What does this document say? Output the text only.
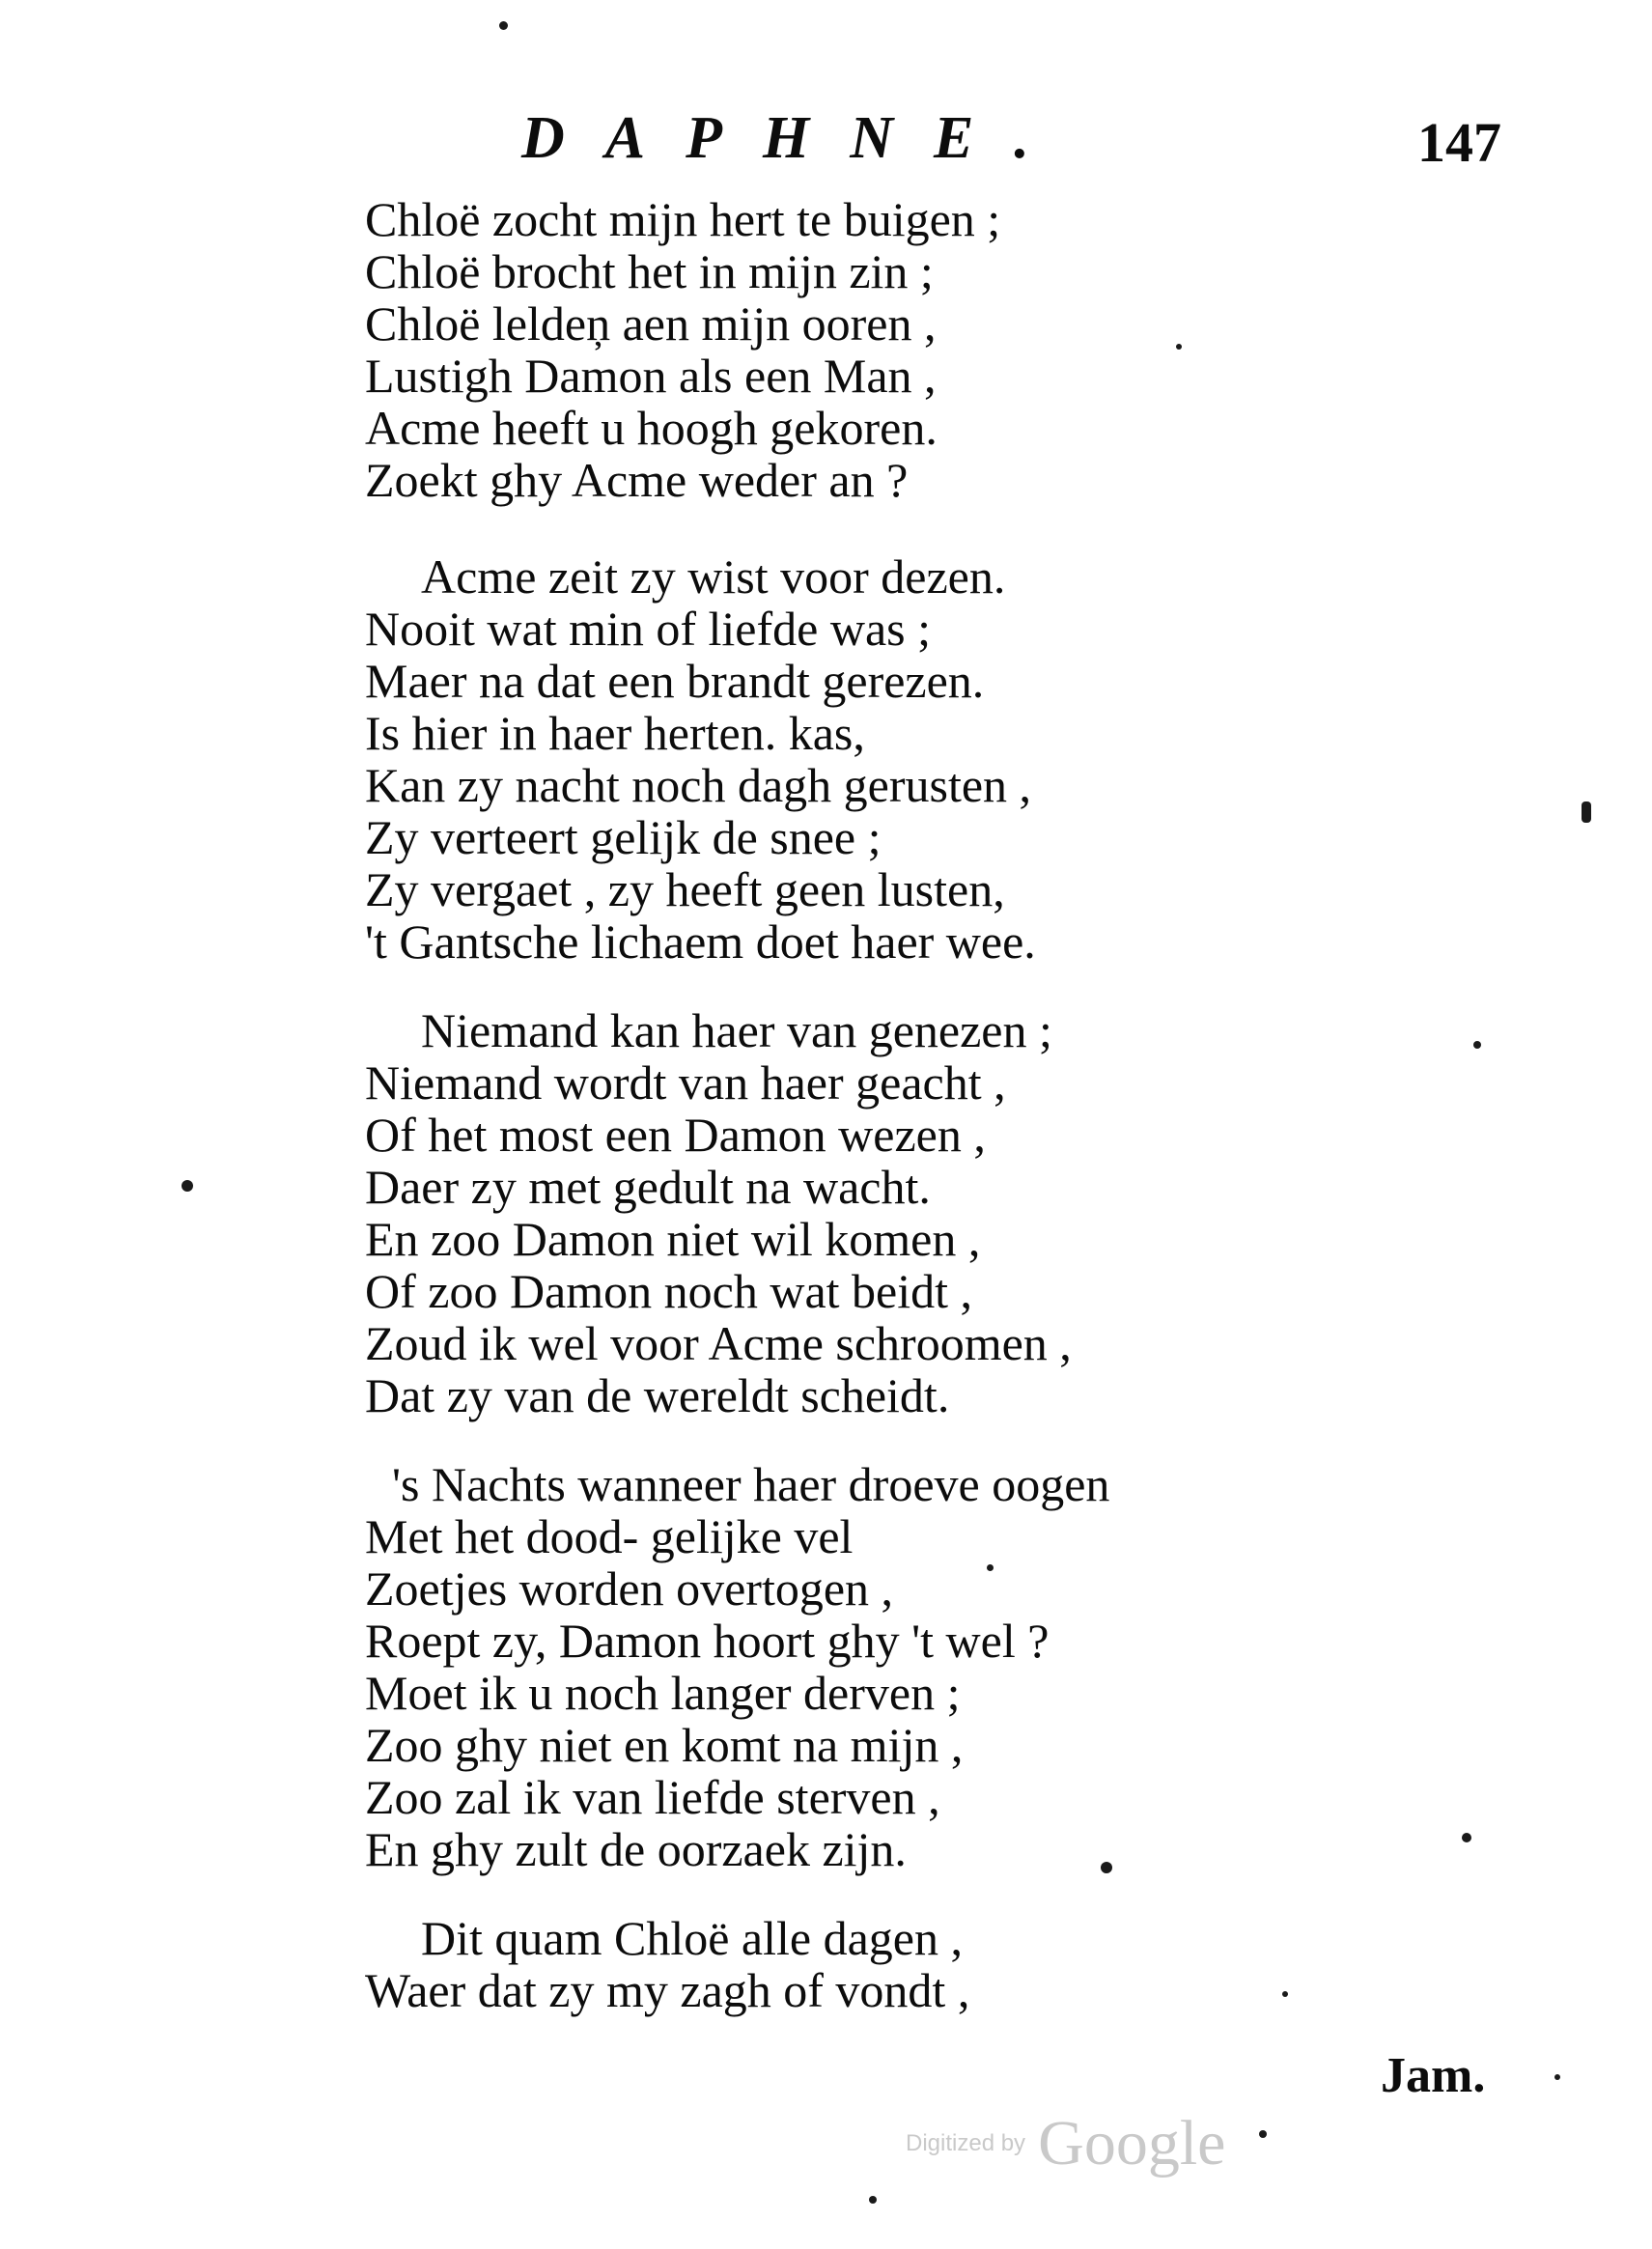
DAPHNE.	147
Chloë zocht mijn hert te buigen ;
Chloë brocht het in mijn zin ;
Chloë leldeņ aen mijn ooren ,
Lustigh Damon als een Man ,
Acme heeft u hoogh gekoren.
Zoekt ghy Acme weder an ?
Acme zeit zy wist voor dezen.
Nooit wat min of liefde was ;
Maer na dat een brandt gerezen.
Is hier in haer herten. kas,
Kan zy nacht noch dagh gerusten ,
Zy verteert gelijk de snee ;
Zy vergaet , zy heeft geen lusten,
't Gantsche lichaem doet haer wee.
Niemand kan haer van genezen ;
Niemand wordt van haer geacht ,
Of het most een Damon wezen ,
Daer zy met gedult na wacht.
En zoo Damon niet wil komen ,
Of zoo Damon noch wat beidt ,
Zoud ik wel voor Acme schroomen ,
Dat zy van de wereldt scheidt.
's Nachts wanneer haer droeve oogen
Met het dood- gelijke vel
Zoetjes worden overtogen ,
Roept zy, Damon hoort ghy 't wel ?
Moet ik u noch langer derven ;
Zoo ghy niet en komt na mijn ,
Zoo zal ik van liefde sterven ,
En ghy zult de oorzaek zijn.
Dit quam Chloë alle dagen ,
Waer dat zy my zagh of vondt ,
Jam.
Digitized by Google
